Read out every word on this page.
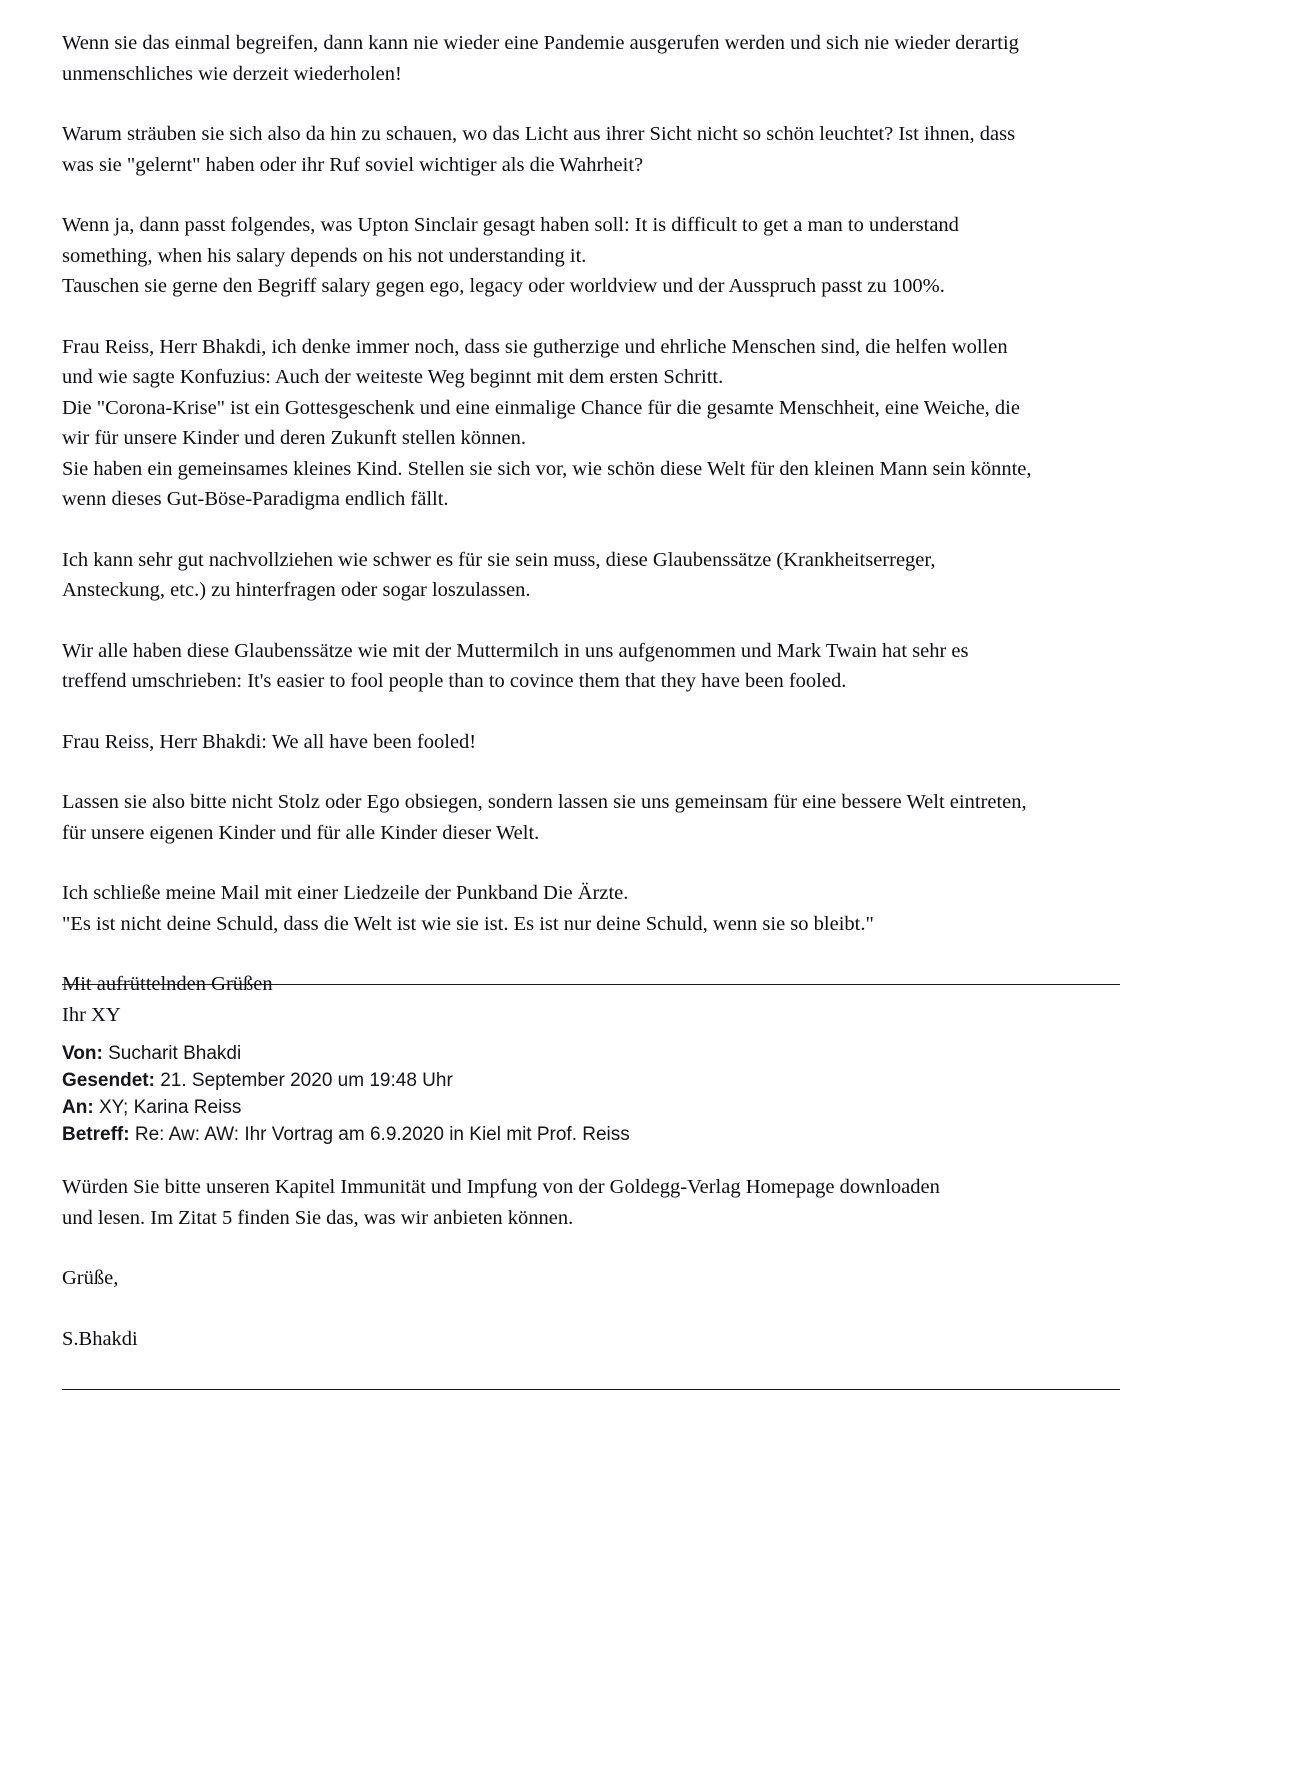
Wenn sie das einmal begreifen, dann kann nie wieder eine Pandemie ausgerufen werden und sich nie wieder derartig
unmenschliches wie derzeit wiederholen!
Warum sträuben sie sich also da hin zu schauen, wo das Licht aus ihrer Sicht nicht so schön leuchtet? Ist ihnen, dass
was sie "gelernt" haben oder ihr Ruf soviel wichtiger als die Wahrheit?
Wenn ja, dann passt folgendes, was Upton Sinclair gesagt haben soll: It is difficult to get a man to understand
something, when his salary depends on his not understanding it.
Tauschen sie gerne den Begriff salary gegen ego, legacy oder worldview und der Ausspruch passt zu 100%.
Frau Reiss, Herr Bhakdi, ich denke immer noch, dass sie gutherzige und ehrliche Menschen sind, die helfen wollen
und wie sagte Konfuzius: Auch der weiteste Weg beginnt mit dem ersten Schritt.
Die "Corona-Krise" ist ein Gottesgeschenk und eine einmalige Chance für die gesamte Menschheit, eine Weiche, die
wir für unsere Kinder und deren Zukunft stellen können.
Sie haben ein gemeinsames kleines Kind. Stellen sie sich vor, wie schön diese Welt für den kleinen Mann sein könnte,
wenn dieses Gut-Böse-Paradigma endlich fällt.
Ich kann sehr gut nachvollziehen wie schwer es für sie sein muss, diese Glaubenssätze (Krankheitserreger,
Ansteckung, etc.) zu hinterfragen oder sogar loszulassen.
Wir alle haben diese Glaubenssätze wie mit der Muttermilch in uns aufgenommen und Mark Twain hat sehr es
treffend umschrieben: It's easier to fool people than to covince them that they have been fooled.
Frau Reiss, Herr Bhakdi: We all have been fooled!
Lassen sie also bitte nicht Stolz oder Ego obsiegen, sondern lassen sie uns gemeinsam für eine bessere Welt eintreten,
für unsere eigenen Kinder und für alle Kinder dieser Welt.
Ich schließe meine Mail mit einer Liedzeile der Punkband Die Ärzte.
"Es ist nicht deine Schuld, dass die Welt ist wie sie ist. Es ist nur deine Schuld, wenn sie so bleibt."
Mit aufrüttelnden Grüßen
Ihr XY
Von: Sucharit Bhakdi
Gesendet: 21. September 2020 um 19:48 Uhr
An: XY; Karina Reiss
Betreff: Re: Aw: AW: Ihr Vortrag am 6.9.2020 in Kiel mit Prof. Reiss
Würden Sie bitte unseren Kapitel Immunität und Impfung von der Goldegg-Verlag Homepage downloaden
und lesen. Im Zitat 5 finden Sie das, was wir anbieten können.
Grüße,
S.Bhakdi
